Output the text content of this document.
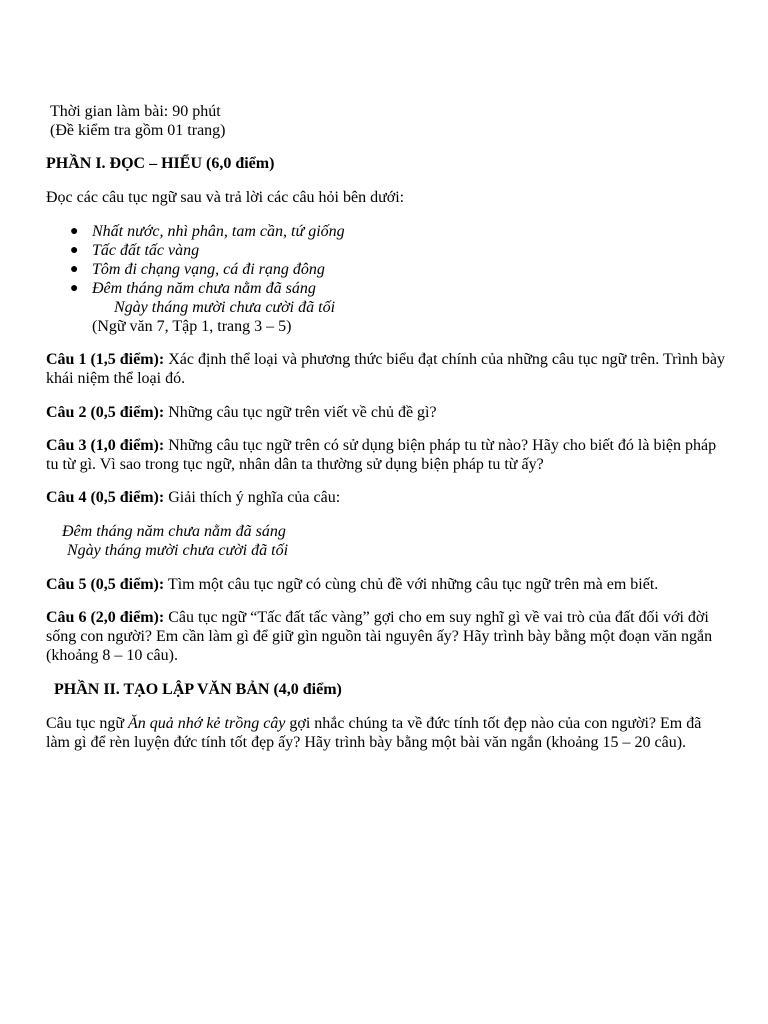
Thời gian làm bài: 90 phút
(Đề kiểm tra gồm 01 trang)
PHẦN I. ĐỌC – HIỂU (6,0 điểm)
Đọc các câu tục ngữ sau và trả lời các câu hỏi bên dưới:
● Nhất nước, nhì phân, tam cần, tứ giống
● Tấc đất tấc vàng
● Tôm đi chạng vạng, cá đi rạng đông
● Đêm tháng năm chưa nằm đã sáng
Ngày tháng mười chưa cười đã tối
(Ngữ văn 7, Tập 1, trang 3 – 5)
Câu 1 (1,5 điểm): Xác định thể loại và phương thức biểu đạt chính của những câu tục ngữ trên. Trình bày khái niệm thể loại đó.
Câu 2 (0,5 điểm): Những câu tục ngữ trên viết về chủ đề gì?
Câu 3 (1,0 điểm): Những câu tục ngữ trên có sử dụng biện pháp tu từ nào? Hãy cho biết đó là biện pháp tu từ gì. Vì sao trong tục ngữ, nhân dân ta thường sử dụng biện pháp tu từ ấy?
Câu 4 (0,5 điểm): Giải thích ý nghĩa của câu:
Đêm tháng năm chưa nằm đã sáng
Ngày tháng mười chưa cười đã tối
Câu 5 (0,5 điểm): Tìm một câu tục ngữ có cùng chủ đề với những câu tục ngữ trên mà em biết.
Câu 6 (2,0 điểm): Câu tục ngữ “Tấc đất tấc vàng” gợi cho em suy nghĩ gì về vai trò của đất đối với đời sống con người? Em cần làm gì để giữ gìn nguồn tài nguyên ấy? Hãy trình bày bằng một đoạn văn ngắn (khoảng 8 – 10 câu).
PHẦN II. TẠO LẬP VĂN BẢN (4,0 điểm)
Câu tục ngữ Ăn quả nhớ kẻ trồng cây gợi nhắc chúng ta về đức tính tốt đẹp nào của con người? Em đã làm gì để rèn luyện đức tính tốt đẹp ấy? Hãy trình bày bằng một bài văn ngắn (khoảng 15 – 20 câu).
